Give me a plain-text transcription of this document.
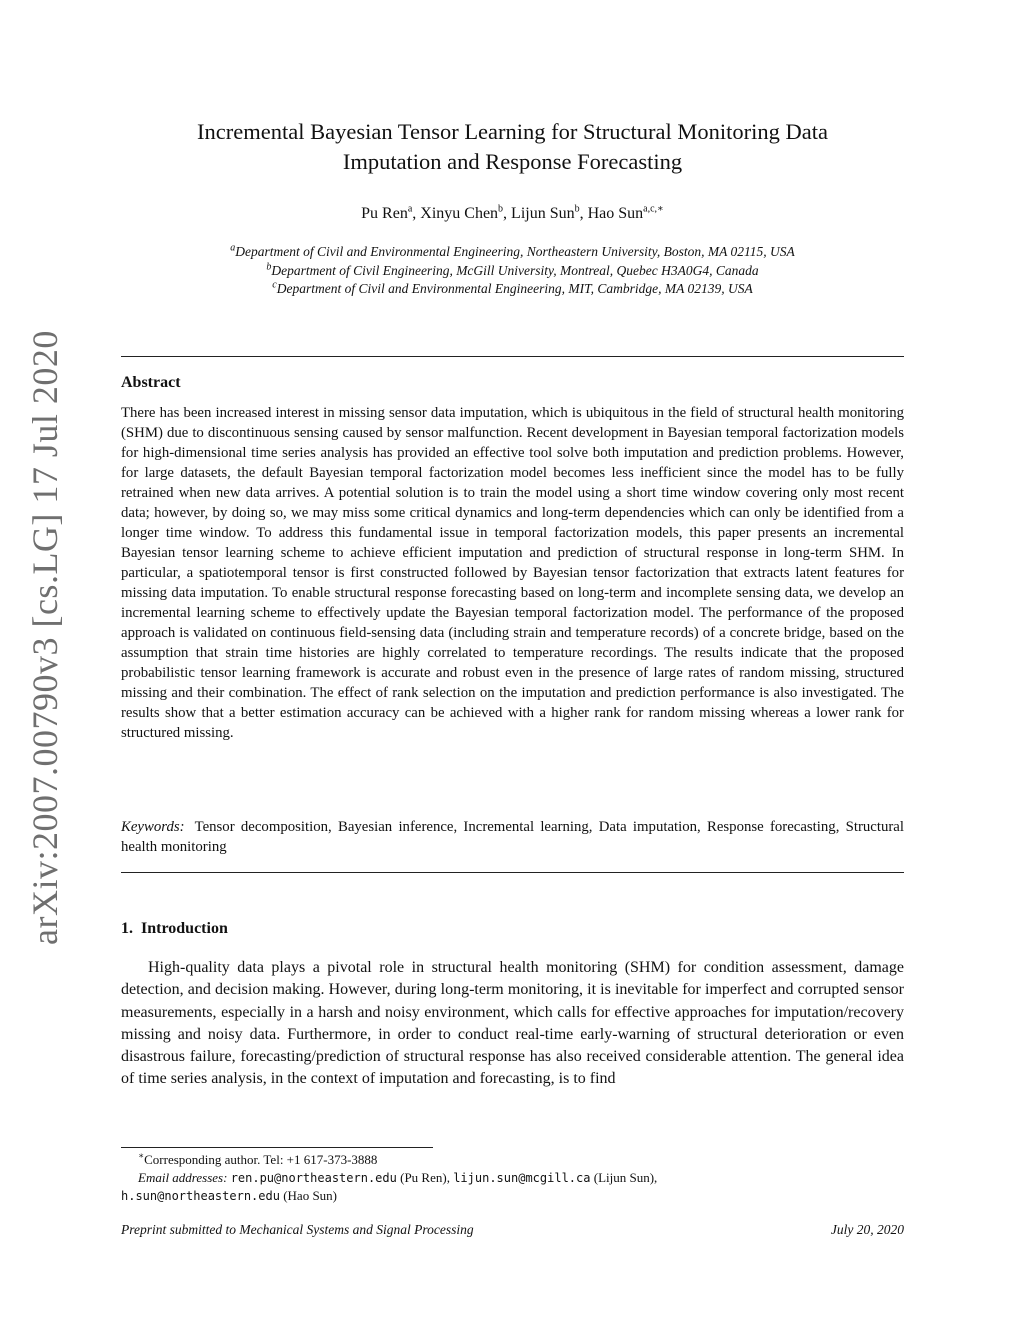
arXiv:2007.00790v3 [cs.LG] 17 Jul 2020
Incremental Bayesian Tensor Learning for Structural Monitoring Data
Imputation and Response Forecasting
Pu Ren$^a$, Xinyu Chen$^b$, Lijun Sun$^b$, Hao Sun$^{a,c,∗}$
$^a$Department of Civil and Environmental Engineering, Northeastern University, Boston, MA 02115, USA
$^b$Department of Civil Engineering, McGill University, Montreal, Quebec H3A0G4, Canada
$^c$Department of Civil and Environmental Engineering, MIT, Cambridge, MA 02139, USA
Abstract
There has been increased interest in missing sensor data imputation, which is ubiquitous in the field of structural health monitoring (SHM) due to discontinuous sensing caused by sensor malfunction. Recent development in Bayesian temporal factorization models for high-dimensional time series analysis has provided an effective tool solve both imputation and prediction problems. However, for large datasets, the default Bayesian temporal factorization model becomes less inefficient since the model has to be fully retrained when new data arrives. A potential solution is to train the model using a short time window covering only most recent data; however, by doing so, we may miss some critical dynamics and long-term dependencies which can only be identified from a longer time window. To address this fundamental issue in temporal factorization models, this paper presents an incremental Bayesian tensor learning scheme to achieve efficient imputation and prediction of structural response in long-term SHM. In particular, a spatiotemporal tensor is first constructed followed by Bayesian tensor factorization that extracts latent features for missing data imputation. To enable structural response forecasting based on long-term and incomplete sensing data, we develop an incremental learning scheme to effectively update the Bayesian temporal factorization model. The performance of the proposed approach is validated on continuous field-sensing data (including strain and temperature records) of a concrete bridge, based on the assumption that strain time histories are highly correlated to temperature recordings. The results indicate that the proposed probabilistic tensor learning framework is accurate and robust even in the presence of large rates of random missing, structured missing and their combination. The effect of rank selection on the imputation and prediction performance is also investigated. The results show that a better estimation accuracy can be achieved with a higher rank for random missing whereas a lower rank for structured missing.
Keywords: Tensor decomposition, Bayesian inference, Incremental learning, Data imputation, Response forecasting, Structural health monitoring
1. Introduction
High-quality data plays a pivotal role in structural health monitoring (SHM) for condition assessment, damage detection, and decision making. However, during long-term monitoring, it is inevitable for imperfect and corrupted sensor measurements, especially in a harsh and noisy environment, which calls for effective approaches for imputation/recovery missing and noisy data. Furthermore, in order to conduct real-time early-warning of structural deterioration or even disastrous failure, forecasting/prediction of structural response has also received considerable attention. The general idea of time series analysis, in the context of imputation and forecasting, is to find
∗Corresponding author. Tel: +1 617-373-3888
Email addresses: ren.pu@northeastern.edu (Pu Ren), lijun.sun@mcgill.ca (Lijun Sun),
h.sun@northeastern.edu (Hao Sun)
Preprint submitted to Mechanical Systems and Signal Processing	July 20, 2020
